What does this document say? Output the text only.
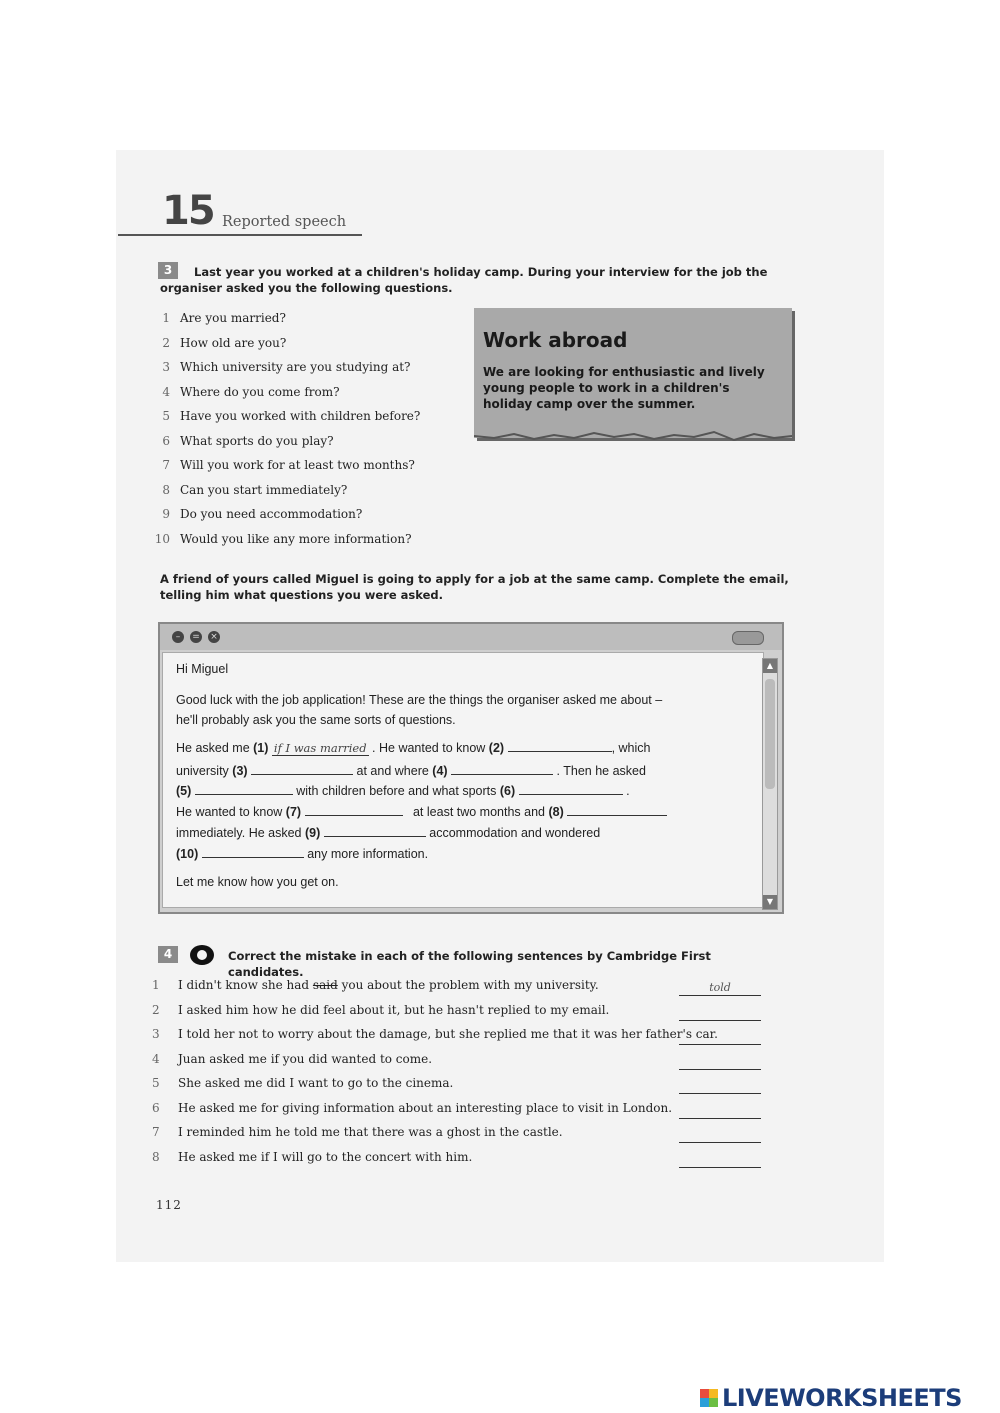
15 Reported speech
3	Last year you worked at a children's holiday camp. During your interview for the job the organiser asked you the following questions.
1 Are you married?
2 How old are you?
3 Which university are you studying at?
4 Where do you come from?
5 Have you worked with children before?
6 What sports do you play?
7 Will you work for at least two months?
8 Can you start immediately?
9 Do you need accommodation?
10 Would you like any more information?
Work abroad
We are looking for enthusiastic and lively young people to work in a children's holiday camp over the summer.
A friend of yours called Miguel is going to apply for a job at the same camp. Complete the email, telling him what questions you were asked.
–	= ×
▲
▼
Hi Miguel
Good luck with the job application! These are the things the organiser asked me about –
he'll probably ask you the same sorts of questions.
He asked me (1) if I was married . He wanted to know (2)	, which
university (3)	at and where (4)	. Then he asked
(5)	with children before and what sports (6)	.
He wanted to know (7)	at least two months and (8)
immediately. He asked (9)	accommodation and wondered
(10)	any more information.
Let me know how you get on.
4	Correct the mistake in each of the following sentences by Cambridge First candidates.
1	I didn't know she had said you about the problem with my university.	told
2	I asked him how he did feel about it, but he hasn't replied to my email.
3	I told her not to worry about the damage, but she replied me that it was her father's car.
4	Juan asked me if you did wanted to come.
5	She asked me did I want to go to the cinema.
6	He asked me for giving information about an interesting place to visit in London.
7	I reminded him he told me that there was a ghost in the castle.
8	He asked me if I will go to the concert with him.
112
LIVEWORKSHEETS
